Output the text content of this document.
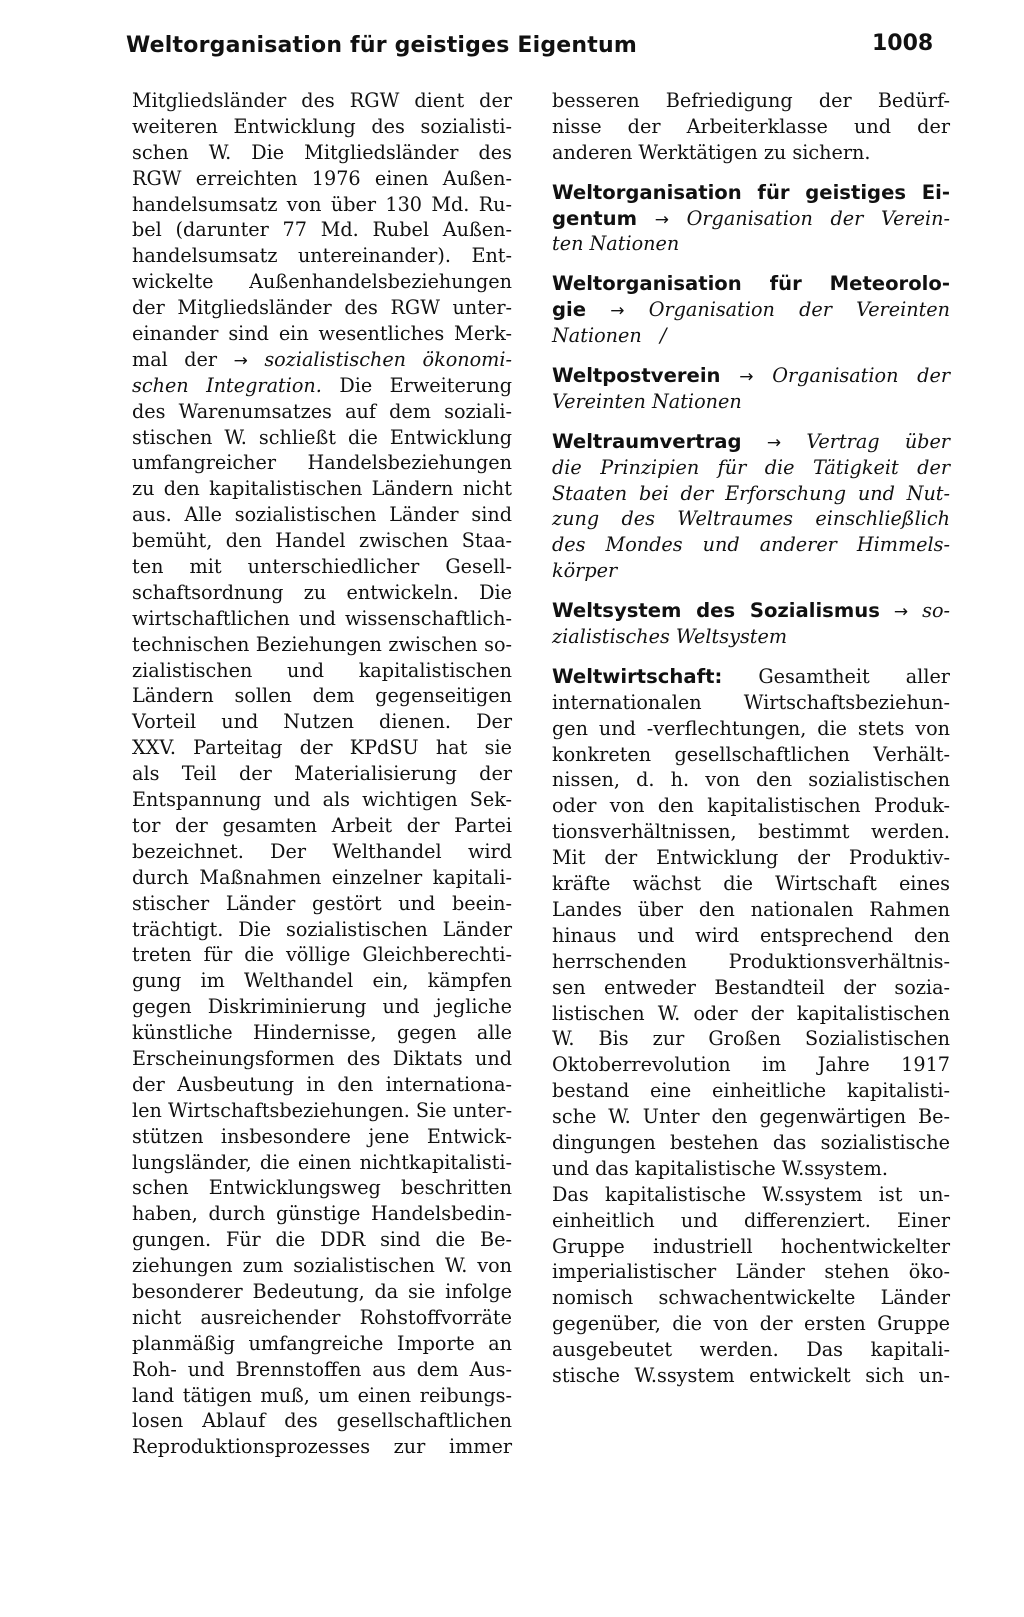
Weltorganisation für geistiges Eigentum	1008
Mitgliedsländer des RGW dient der
weiteren Entwicklung des sozialisti-
schen W. Die Mitgliedsländer des
RGW erreichten 1976 einen Außen-
handelsumsatz von über 130 Md. Ru-
bel (darunter 77 Md. Rubel Außen-
handelsumsatz untereinander). Ent-
wickelte Außenhandelsbeziehungen
der Mitgliedsländer des RGW unter-
einander sind ein wesentliches Merk-
mal der → sozialistischen ökonomi-
schen Integration. Die Erweiterung
des Warenumsatzes auf dem soziali-
stischen W. schließt die Entwicklung
umfangreicher Handelsbeziehungen
zu den kapitalistischen Ländern nicht
aus. Alle sozialistischen Länder sind
bemüht, den Handel zwischen Staa-
ten mit unterschiedlicher Gesell-
schaftsordnung zu entwickeln. Die
wirtschaftlichen und wissenschaftlich-
technischen Beziehungen zwischen so-
zialistischen und kapitalistischen
Ländern sollen dem gegenseitigen
Vorteil und Nutzen dienen. Der
XXV. Parteitag der KPdSU hat sie
als Teil der Materialisierung der
Entspannung und als wichtigen Sek-
tor der gesamten Arbeit der Partei
bezeichnet. Der Welthandel wird
durch Maßnahmen einzelner kapitali-
stischer Länder gestört und beein-
trächtigt. Die sozialistischen Länder
treten für die völlige Gleichberechti-
gung im Welthandel ein, kämpfen
gegen Diskriminierung und jegliche
künstliche Hindernisse, gegen alle
Erscheinungsformen des Diktats und
der Ausbeutung in den internationa-
len Wirtschaftsbeziehungen. Sie unter-
stützen insbesondere jene Entwick-
lungsländer, die einen nichtkapitalisti-
schen Entwicklungsweg beschritten
haben, durch günstige Handelsbedin-
gungen. Für die DDR sind die Be-
ziehungen zum sozialistischen W. von
besonderer Bedeutung, da sie infolge
nicht ausreichender Rohstoffvorräte
planmäßig umfangreiche Importe an
Roh- und Brennstoffen aus dem Aus-
land tätigen muß, um einen reibungs-
losen Ablauf des gesellschaftlichen
Reproduktionsprozesses zur immer
besseren Befriedigung der Bedürf-
nisse der Arbeiterklasse und der
anderen Werktätigen zu sichern.
Weltorganisation für geistiges Ei-
gentum → Organisation der Verein-
ten Nationen
Weltorganisation für Meteorolo-
gie → Organisation der Vereinten
Nationen /
Weltpostverein → Organisation der
Vereinten Nationen
Weltraumvertrag → Vertrag über
die Prinzipien für die Tätigkeit der
Staaten bei der Erforschung und Nut-
zung des Weltraumes einschließlich
des Mondes und anderer Himmels-
körper
Weltsystem des Sozialismus → so-
zialistisches Weltsystem
Weltwirtschaft: Gesamtheit aller
internationalen Wirtschaftsbeziehun-
gen und -verflechtungen, die stets von
konkreten gesellschaftlichen Verhält-
nissen, d. h. von den sozialistischen
oder von den kapitalistischen Produk-
tionsverhältnissen, bestimmt werden.
Mit der Entwicklung der Produktiv-
kräfte wächst die Wirtschaft eines
Landes über den nationalen Rahmen
hinaus und wird entsprechend den
herrschenden Produktionsverhältnis-
sen entweder Bestandteil der sozia-
listischen W. oder der kapitalistischen
W. Bis zur Großen Sozialistischen
Oktoberrevolution im Jahre 1917
bestand eine einheitliche kapitalisti-
sche W. Unter den gegenwärtigen Be-
dingungen bestehen das sozialistische
und das kapitalistische W.ssystem.
Das kapitalistische W.ssystem ist un-
einheitlich und differenziert. Einer
Gruppe industriell hochentwickelter
imperialistischer Länder stehen öko-
nomisch schwachentwickelte Länder
gegenüber, die von der ersten Gruppe
ausgebeutet werden. Das kapitali-
stische W.ssystem entwickelt sich un-
